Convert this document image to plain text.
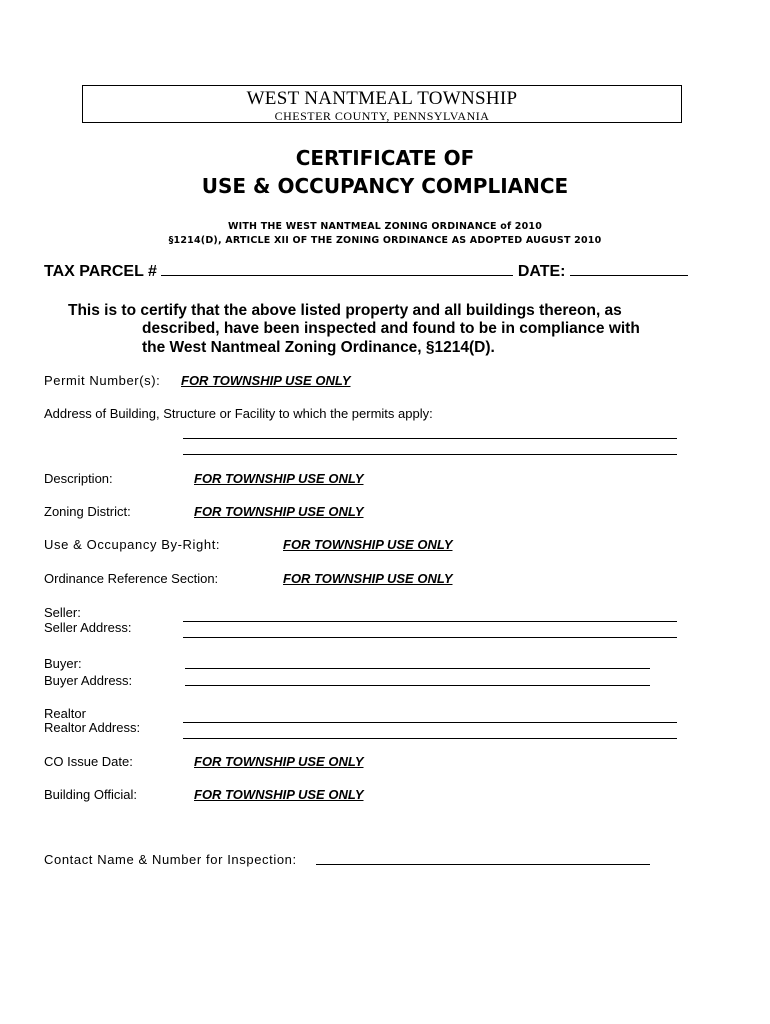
WEST NANTMEAL TOWNSHIP
CHESTER COUNTY, PENNSYLVANIA
CERTIFICATE OF
USE & OCCUPANCY COMPLIANCE
WITH THE WEST NANTMEAL ZONING ORDINANCE of 2010
§1214(D), ARTICLE XII OF THE ZONING ORDINANCE AS ADOPTED AUGUST 2010
TAX PARCEL #	DATE:
This is to certify that the above listed property and all buildings thereon, as
described, have been inspected and found to be in compliance with
the West Nantmeal Zoning Ordinance, §1214(D).
Permit Number(s): FOR TOWNSHIP USE ONLY
Address of Building, Structure or Facility to which the permits apply:
Description:	FOR TOWNSHIP USE ONLY
Zoning District:	FOR TOWNSHIP USE ONLY
Use & Occupancy By-Right:	FOR TOWNSHIP USE ONLY
Ordinance Reference Section:	FOR TOWNSHIP USE ONLY
Seller:
Seller Address:
Buyer:
Buyer Address:
Realtor
Realtor Address:
CO Issue Date:	FOR TOWNSHIP USE ONLY
Building Official:	FOR TOWNSHIP USE ONLY
Contact Name & Number for Inspection:
